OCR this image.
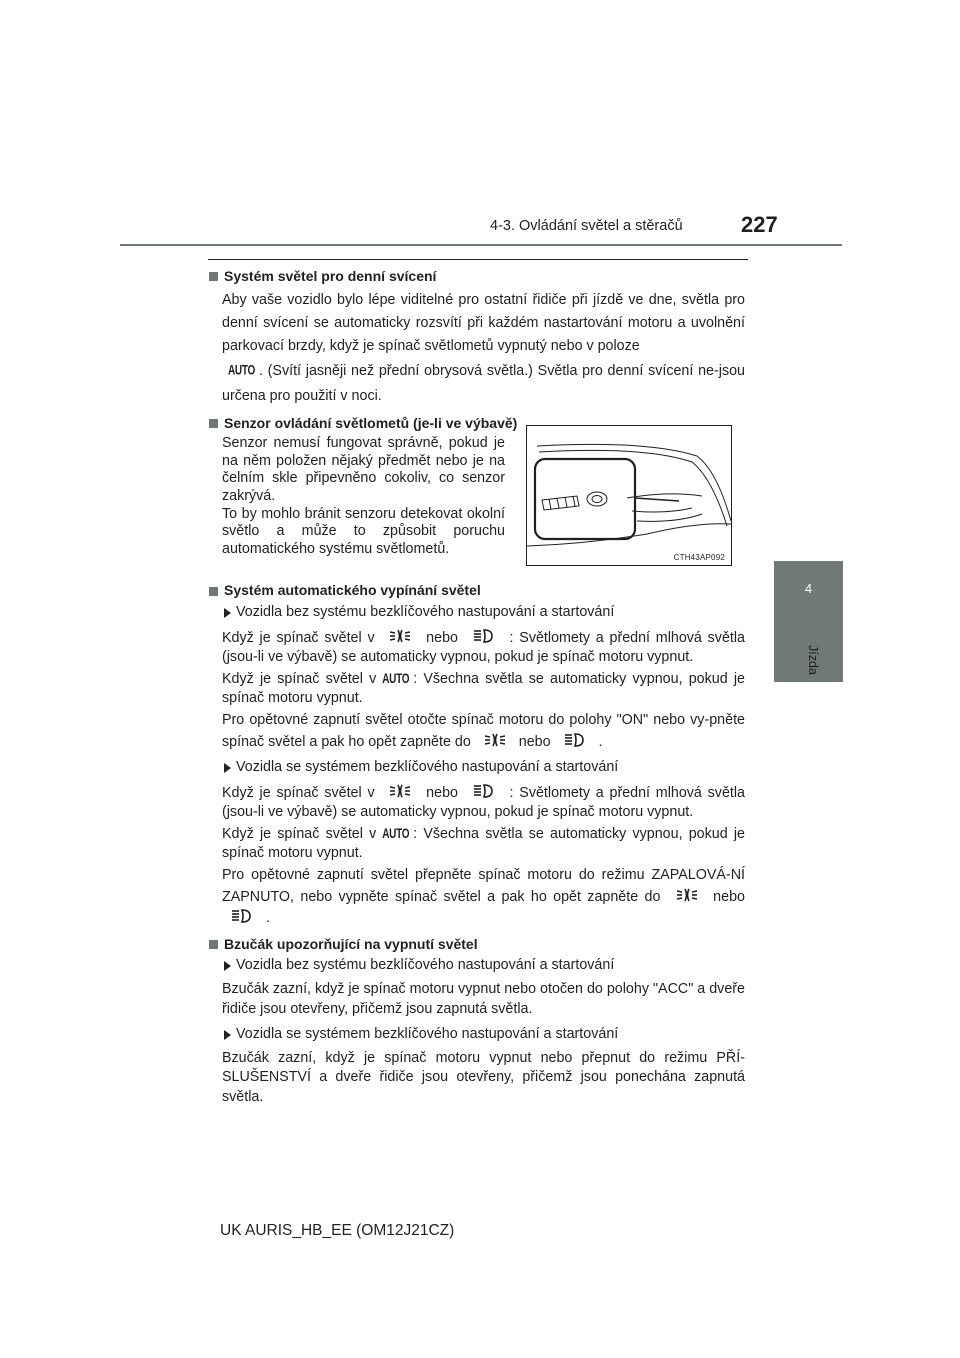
4-3. Ovládání světel a stěračů	227
4
Jízda
Systém světel pro denní svícení
Aby vaše vozidlo bylo lépe viditelné pro ostatní řidiče při jízdě ve dne, světla pro denní svícení se automaticky rozsvítí při každém nastartování motoru a uvolnění parkovací brzdy, když je spínač světlometů vypnutý nebo v poloze
AUTO . (Svítí jasněji než přední obrysová světla.) Světla pro denní svícení ne-jsou určena pro použití v noci.
Senzor ovládání světlometů (je-li ve výbavě)
Senzor nemusí fungovat správně, pokud je na něm položen nějaký předmět nebo je na čelním skle připevněno cokoliv, co senzor zakrývá.
To by mohlo bránit senzoru detekovat okolní světlo a může to způsobit poruchu automatického systému světlometů.
Systém automatického vypínání světel
Vozidla bez systému bezklíčového nastupování a startování
Když je spínač světel v	nebo	: Světlomety a přední mlhová světla (jsou-li ve výbavě) se automaticky vypnou, pokud je spínač motoru vypnut.
Když je spínač světel v AUTO : Všechna světla se automaticky vypnou, pokud je spínač motoru vypnut.
Pro opětovné zapnutí světel otočte spínač motoru do polohy "ON" nebo vy-pněte spínač světel a pak ho opět zapněte do	nebo	.
Vozidla se systémem bezklíčového nastupování a startování
Když je spínač světel v	nebo	: Světlomety a přední mlhová světla (jsou-li ve výbavě) se automaticky vypnou, pokud je spínač motoru vypnut.
Když je spínač světel v AUTO : Všechna světla se automaticky vypnou, pokud je spínač motoru vypnut.
Pro opětovné zapnutí světel přepněte spínač motoru do režimu ZAPALOVÁ-NÍ ZAPNUTO, nebo vypněte spínač světel a pak ho opět zapněte do	nebo  .
Bzučák upozorňující na vypnutí světel
Vozidla bez systému bezklíčového nastupování a startování
Bzučák zazní, když je spínač motoru vypnut nebo otočen do polohy "ACC" a dveře řidiče jsou otevřeny, přičemž jsou zapnutá světla.
Vozidla se systémem bezklíčového nastupování a startování
Bzučák zazní, když je spínač motoru vypnut nebo přepnut do režimu PŘÍ-SLUŠENSTVÍ a dveře řidiče jsou otevřeny, přičemž jsou ponechána zapnutá světla.
CTH43AP092
UK AURIS_HB_EE (OM12J21CZ)
